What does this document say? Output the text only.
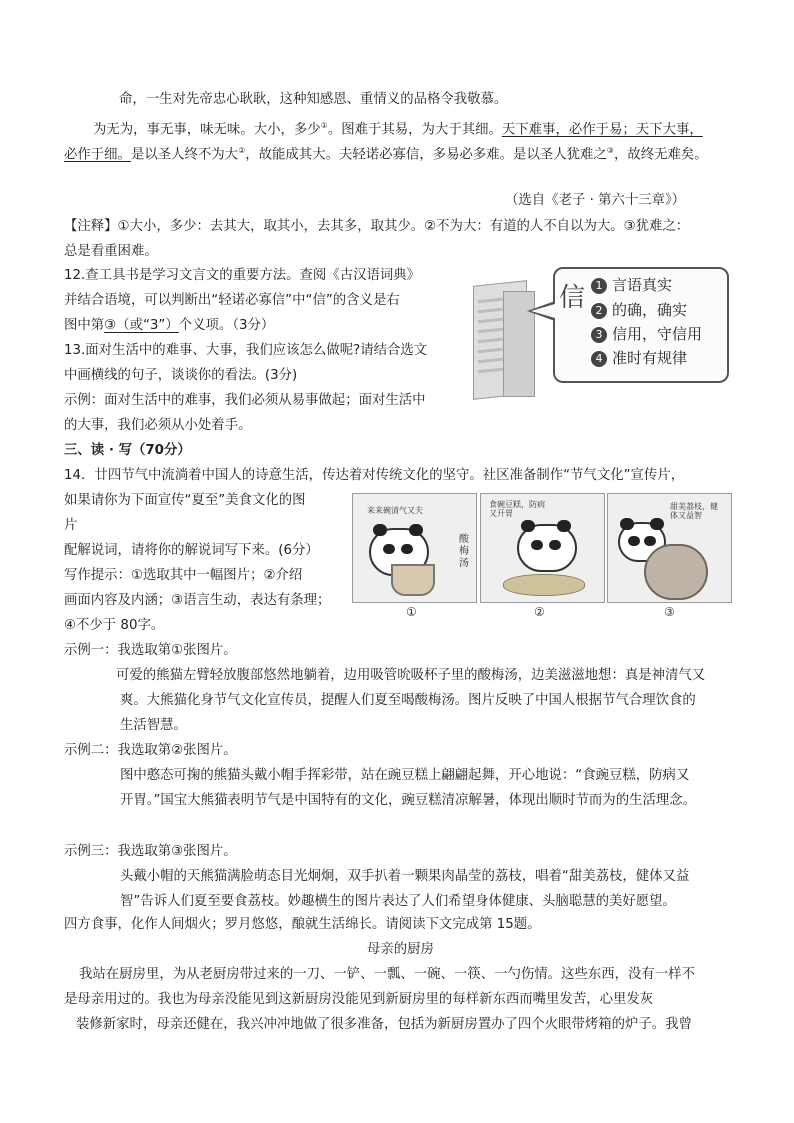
命，一生对先帝忠心耿耿，这种知感恩、重情义的品格令我敬慕。
为无为，事无事，味无味。大小，多少①。图难于其易，为大于其细。天下难事，必作于易；天下大事，
必作于细。是以圣人终不为大②，故能成其大。夫轻诺必寡信，多易必多难。是以圣人犹难之③，故终无难矣。
（选自《老子 · 第六十三章》）
【注释】①大小，多少：去其大，取其小，去其多，取其少。②不为大：有道的人不自以为大。③犹难之：
总是看重困难。
12.查工具书是学习文言文的重要方法。查阅《古汉语词典》
并结合语境，可以判断出“轻诺必寡信”中“信”的含义是右
图中第③（或“3”）个义项。（3分）
13.面对生活中的难事、大事，我们应该怎么做呢?请结合选文
中画横线的句子，谈谈你的看法。(3分)
示例：面对生活中的难事，我们必须从易事做起；面对生活中
的大事，我们必须从小处着手。
信 1 言语真实
2 的确，确实
3 信用，守信用
4 准时有规律
三、读 · 写（70分）
14．廿四节气中流淌着中国人的诗意生活，传达着对传统文化的坚守。社区准备制作“节气文化”宣传片，
如果请你为下面宣传“夏至”美食文化的图
片
配解说词，请将你的解说词写下来。(6分）
写作提示：①选取其中一幅图片；②介绍
画面内容及内涵；③语言生动，表达有条理；
④不少于 80字。
来来碗清气又夫
酸梅汤
食碗豆糕，防病又开胃
甜美荔枝，健体又益智
①	②	③
示例一：我选取第①张图片。
可爱的熊猫左臂轻放腹部悠然地躺着，边用吸管吮吸杯子里的酸梅汤，边美滋滋地想：真是神清气又
爽。大熊猫化身节气文化宣传员，提醒人们夏至喝酸梅汤。图片反映了中国人根据节气合理饮食的
生活智慧。
示例二：我选取第②张图片。
图中憨态可掬的熊猫头戴小帽手挥彩带，站在豌豆糕上翩翩起舞，开心地说：“食豌豆糕，防病又
开胃。”国宝大熊猫表明节气是中国特有的文化，豌豆糕清凉解暑，体现出顺时节而为的生活理念。
示例三：我选取第③张图片。
头戴小帽的天熊猫满脸萌态目光炯炯，双手扒着一颗果肉晶莹的荔枝，唱着“甜美荔枝，健体又益
智”告诉人们夏至要食荔枝。妙趣横生的图片表达了人们希望身体健康、头脑聪慧的美好愿望。
四方食事，化作人间烟火；罗月悠悠，酿就生活绵长。请阅读下文完成第 15题。
母亲的厨房
我站在厨房里，为从老厨房带过来的一刀、一铲、一瓢、一碗、一筷、一勺伤情。这些东西，没有一样不
是母亲用过的。我也为母亲没能见到这新厨房没能见到新厨房里的每样新东西而嘴里发苦，心里发灰
装修新家时，母亲还健在，我兴冲冲地做了很多准备，包括为新厨房置办了四个火眼带烤箱的炉子。我曾
